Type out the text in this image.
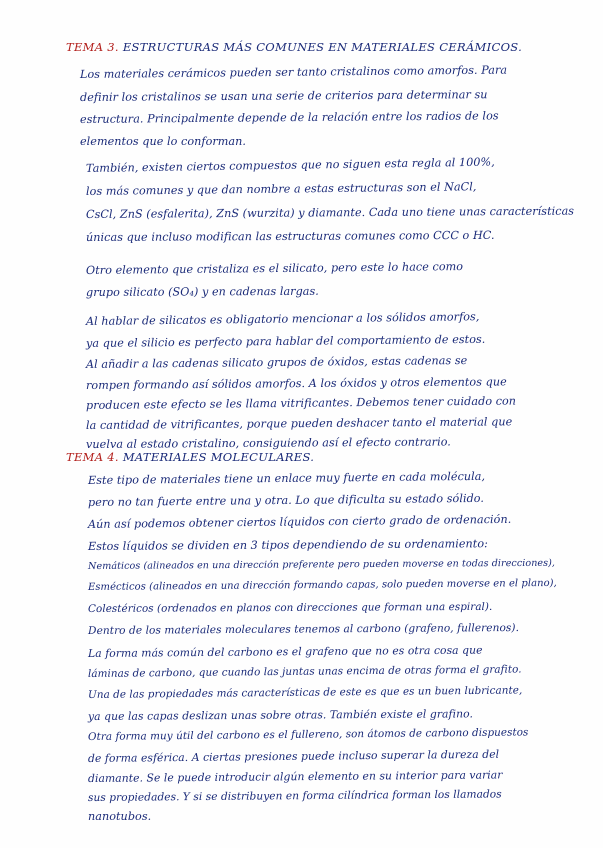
TEMA 3. ESTRUCTURAS MÁS COMUNES EN MATERIALES CERÁMICOS.
Los materiales cerámicos pueden ser tanto cristalinos como amorfos. Para
definir los cristalinos se usan una serie de criterios para determinar su
estructura. Principalmente depende de la relación entre los radios de los
elementos que lo conforman.
También, existen ciertos compuestos que no siguen esta regla al 100%,
los más comunes y que dan nombre a estas estructuras son el NaCl,
CsCl, ZnS (esfalerita), ZnS (wurzita) y diamante. Cada uno tiene unas características
únicas que incluso modifican las estructuras comunes como CCC o HC.
Otro elemento que cristaliza es el silicato, pero este lo hace como
grupo silicato (SO₄) y en cadenas largas.
Al hablar de silicatos es obligatorio mencionar a los sólidos amorfos,
ya que el silicio es perfecto para hablar del comportamiento de estos.
Al añadir a las cadenas silicato grupos de óxidos, estas cadenas se
rompen formando así sólidos amorfos. A los óxidos y otros elementos que
producen este efecto se les llama vitrificantes. Debemos tener cuidado con
la cantidad de vitrificantes, porque pueden deshacer tanto el material que
vuelva al estado cristalino, consiguiendo así el efecto contrario.
TEMA 4. MATERIALES MOLECULARES.
Este tipo de materiales tiene un enlace muy fuerte en cada molécula,
pero no tan fuerte entre una y otra. Lo que dificulta su estado sólido.
Aún así podemos obtener ciertos líquidos con cierto grado de ordenación.
Estos líquidos se dividen en 3 tipos dependiendo de su ordenamiento:
Nemáticos (alineados en una dirección preferente pero pueden moverse en todas direcciones),
Esmécticos (alineados en una dirección formando capas, solo pueden moverse en el plano),
Colestéricos (ordenados en planos con direcciones que forman una espiral).
Dentro de los materiales moleculares tenemos al carbono (grafeno, fullerenos).
La forma más común del carbono es el grafeno que no es otra cosa que
láminas de carbono, que cuando las juntas unas encima de otras forma el grafito.
Una de las propiedades más características de este es que es un buen lubricante,
ya que las capas deslizan unas sobre otras. También existe el grafino.
Otra forma muy útil del carbono es el fullereno, son átomos de carbono dispuestos
de forma esférica. A ciertas presiones puede incluso superar la dureza del
diamante. Se le puede introducir algún elemento en su interior para variar
sus propiedades. Y si se distribuyen en forma cilíndrica forman los llamados
nanotubos.
